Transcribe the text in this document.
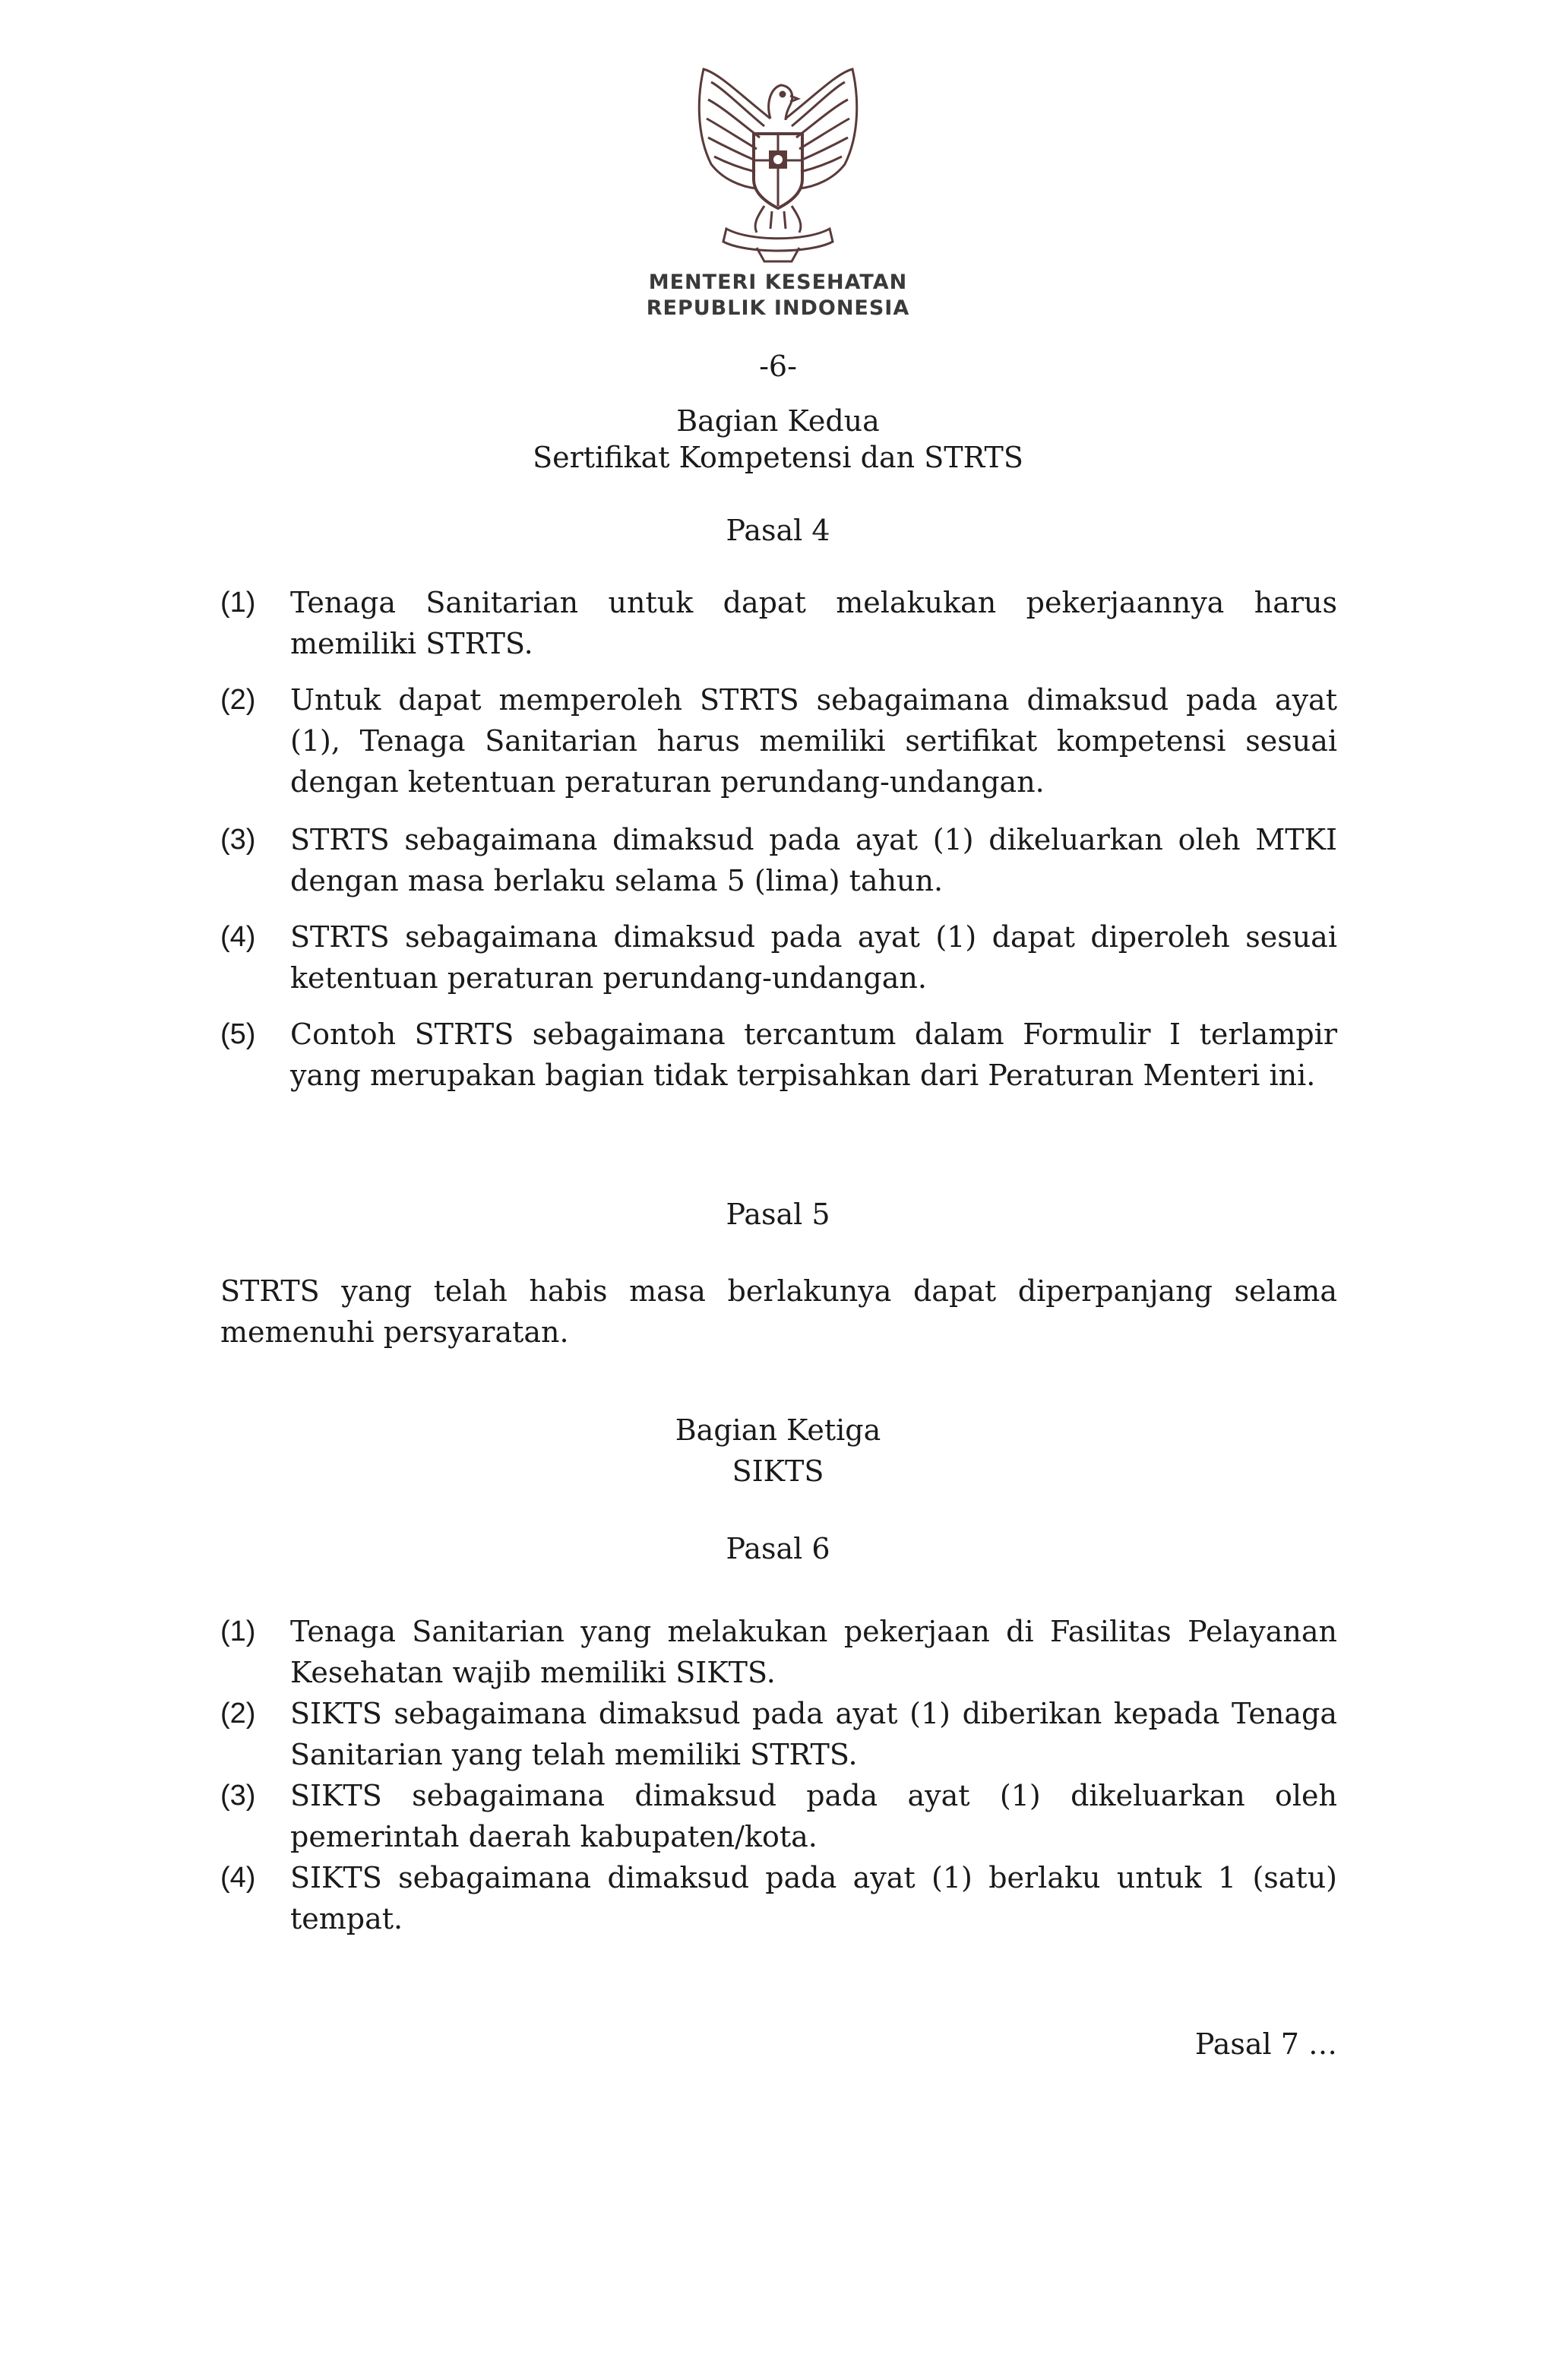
MENTERI KESEHATAN
REPUBLIK INDONESIA
-6-
Bagian Kedua
Sertifikat Kompetensi dan STRTS
Pasal 4
(1) Tenaga Sanitarian untuk dapat melakukan pekerjaannya harus memiliki STRTS.
(2) Untuk dapat memperoleh STRTS sebagaimana dimaksud pada ayat (1), Tenaga Sanitarian harus memiliki sertifikat kompetensi sesuai dengan ketentuan peraturan perundang-undangan.
(3) STRTS sebagaimana dimaksud pada ayat (1) dikeluarkan oleh MTKI dengan masa berlaku selama 5 (lima) tahun.
(4) STRTS sebagaimana dimaksud pada ayat (1) dapat diperoleh sesuai ketentuan peraturan perundang-undangan.
(5) Contoh STRTS sebagaimana tercantum dalam Formulir I terlampir yang merupakan bagian tidak terpisahkan dari Peraturan Menteri ini.
Pasal 5
STRTS yang telah habis masa berlakunya dapat diperpanjang selama memenuhi persyaratan.
Bagian Ketiga
SIKTS
Pasal 6
(1) Tenaga Sanitarian yang melakukan pekerjaan di Fasilitas Pelayanan Kesehatan wajib memiliki SIKTS.
(2) SIKTS sebagaimana dimaksud pada ayat (1) diberikan kepada Tenaga Sanitarian yang telah memiliki STRTS.
(3) SIKTS sebagaimana dimaksud pada ayat (1) dikeluarkan oleh pemerintah daerah kabupaten/kota.
(4) SIKTS sebagaimana dimaksud pada ayat (1) berlaku untuk 1 (satu) tempat.
Pasal 7 …
